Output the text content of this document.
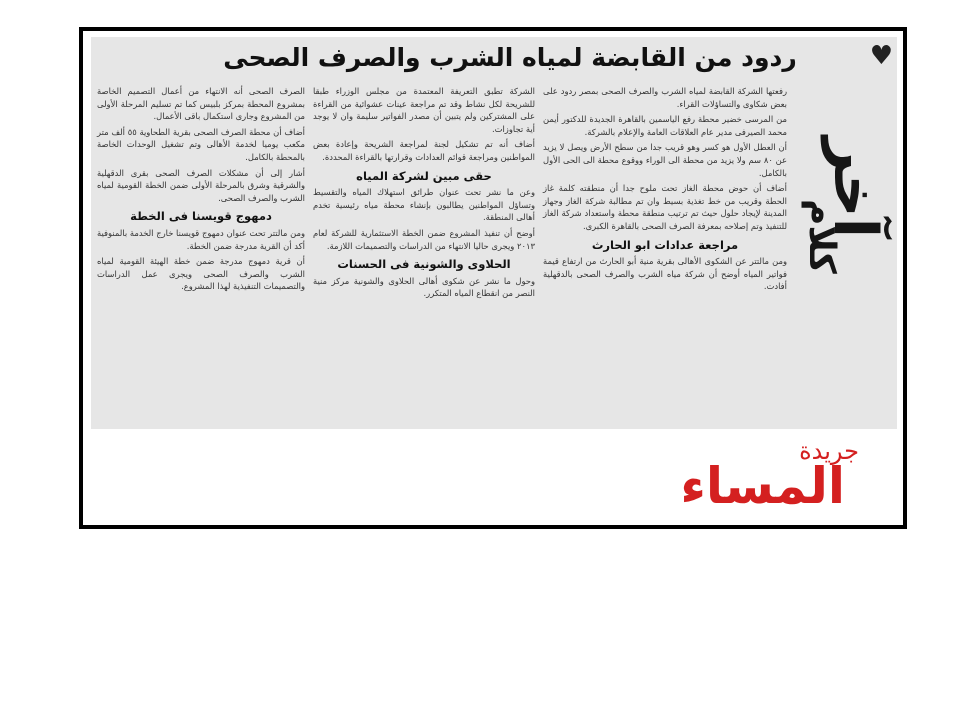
♥
ردود من القابضة لمياه الشرب والصرف الصحى

رفعتها الشركة القابضة لمياه الشرب والصرف الصحى بمصر ردود على بعض شكاوى والتساؤلات القراء.

من المرسى خضير محطة رفع الياسمين بالقاهرة الجديدة للدكتور أيمن محمد الصيرفى مدير عام العلاقات العامة والإعلام بالشركة.

أن العطل الأول هو كسر وهو قريب جدا من سطح الأرض ويصل لا يزيد عن ٨٠ سم ولا يزيد من محطة الى الوراء ووقوع محطة الى الحى الأول بالكامل.

أضاف أن حوض محطة الغاز تحت ملوح جدا أن منطقته كلمة غاز الحطة وقريب من خط تغذية بسيط وان تم مطالبة شركة الغاز وجهاز المدينة لإيجاد حلول حيث تم ترتيب منطقة محطة واستعداد شركة الغاز للتنفيذ وتم إصلاحه بمعرفة الصرف الصحى بالقاهرة الكبرى.

مراجعة عدادات ابو الحارث

ومن مالتتر عن الشكوى الأهالى بقرية منية أبو الحارث من ارتفاع قيمة فواتير المياه أوضح أن شركة مياه الشرب والصرف الصحى بالدقهلية أفادت.

الشركة تطبق التعريفة المعتمدة من مجلس الوزراء طبقا للشريحة لكل نشاط وقد تم مراجعة عينات عشوائية من القراءة على المشتركين ولم يتبين أن مصدر الفواتير سليمة وان لا يوجد أية تجاوزات.

أضاف أنه تم تشكيل لجنة لمراجعة الشريحة وإعادة بعض المواطنين ومراجعة قوائم العدادات وقرارتها بالقراءة المحددة.

حقى مبين لشركة المياه

وعن ما نشر تحت عنوان طرائق استهلاك المياه والتقسيط وتساؤل المواطنين يطالبون بإنشاء محطة مياه رئيسية تخدم أهالى المنطقة.

أوضح أن تنفيذ المشروع ضمن الخطة الاستثمارية للشركة لعام ٢٠١٣ ويجرى حاليا الانتهاء من الدراسات والتصميمات اللازمة.

الحلاوى والشونية فى الحسنات

وحول ما نشر عن شكوى أهالى الحلاوى والشونية مركز منية النصر من انقطاع المياه المتكرر.

الصرف الصحى أنه الانتهاء من أعمال التصميم الخاصة بمشروع المحطة بمركز بلبيس كما تم تسليم المرحلة الأولى من المشروع وجارى استكمال باقى الأعمال.

أضاف أن محطة الصرف الصحى بقرية الطحاوية ٥٥ ألف متر مكعب يوميا لخدمة الأهالى وتم تشغيل الوحدات الخاصة بالمحطة بالكامل.

أشار إلى أن مشكلات الصرف الصحى بقرى الدقهلية والشرقية وشرق بالمرحلة الأولى ضمن الخطة القومية لمياه الشرب والصرف الصحى.

دمهوج قويسنا فى الخطة

ومن مالتتر تحت عنوان دمهوج قويسنا خارج الخدمة بالمنوفية أكد أن القرية مدرجة ضمن الخطة.

أن قرية دمهوج مدرجة ضمن خطة الهيئة القومية لمياه الشرب والصرف الصحى ويجرى عمل الدراسات والتصميمات التنفيذية لهذا المشروع.

آخر
كلام
جريدة
المساء
